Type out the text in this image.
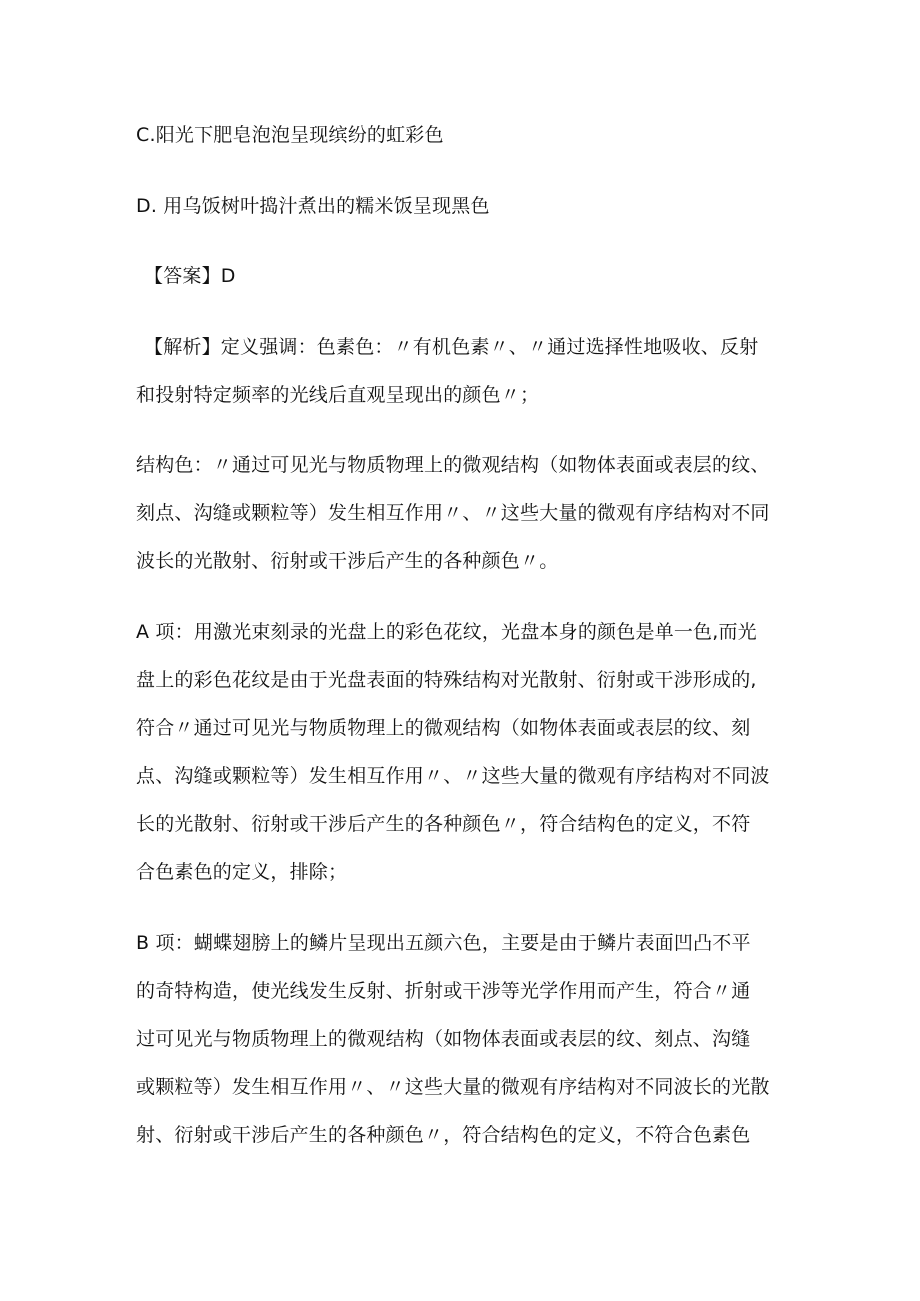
C.阳光下肥皂泡泡呈现缤纷的虹彩色
D. 用乌饭树叶捣汁煮出的糯米饭呈现黑色
【答案】D
【解析】定义强调：色素色：〃有机色素〃、〃通过选择性地吸收、反射
和投射特定频率的光线后直观呈现出的颜色〃；
结构色：〃通过可见光与物质物理上的微观结构（如物体表面或表层的纹、
刻点、沟缝或颗粒等）发生相互作用〃、〃这些大量的微观有序结构对不同
波长的光散射、衍射或干涉后产生的各种颜色〃。
A 项：用激光束刻录的光盘上的彩色花纹，光盘本身的颜色是单一色,而光
盘上的彩色花纹是由于光盘表面的特殊结构对光散射、衍射或干涉形成的,
符合〃通过可见光与物质物理上的微观结构（如物体表面或表层的纹、刻
点、沟缝或颗粒等）发生相互作用〃、〃这些大量的微观有序结构对不同波
长的光散射、衍射或干涉后产生的各种颜色〃，符合结构色的定义，不符
合色素色的定义，排除；
B 项：蝴蝶翅膀上的鳞片呈现出五颜六色，主要是由于鳞片表面凹凸不平
的奇特构造，使光线发生反射、折射或干涉等光学作用而产生，符合〃通
过可见光与物质物理上的微观结构（如物体表面或表层的纹、刻点、沟缝
或颗粒等）发生相互作用〃、〃这些大量的微观有序结构对不同波长的光散
射、衍射或干涉后产生的各种颜色〃，符合结构色的定义，不符合色素色
